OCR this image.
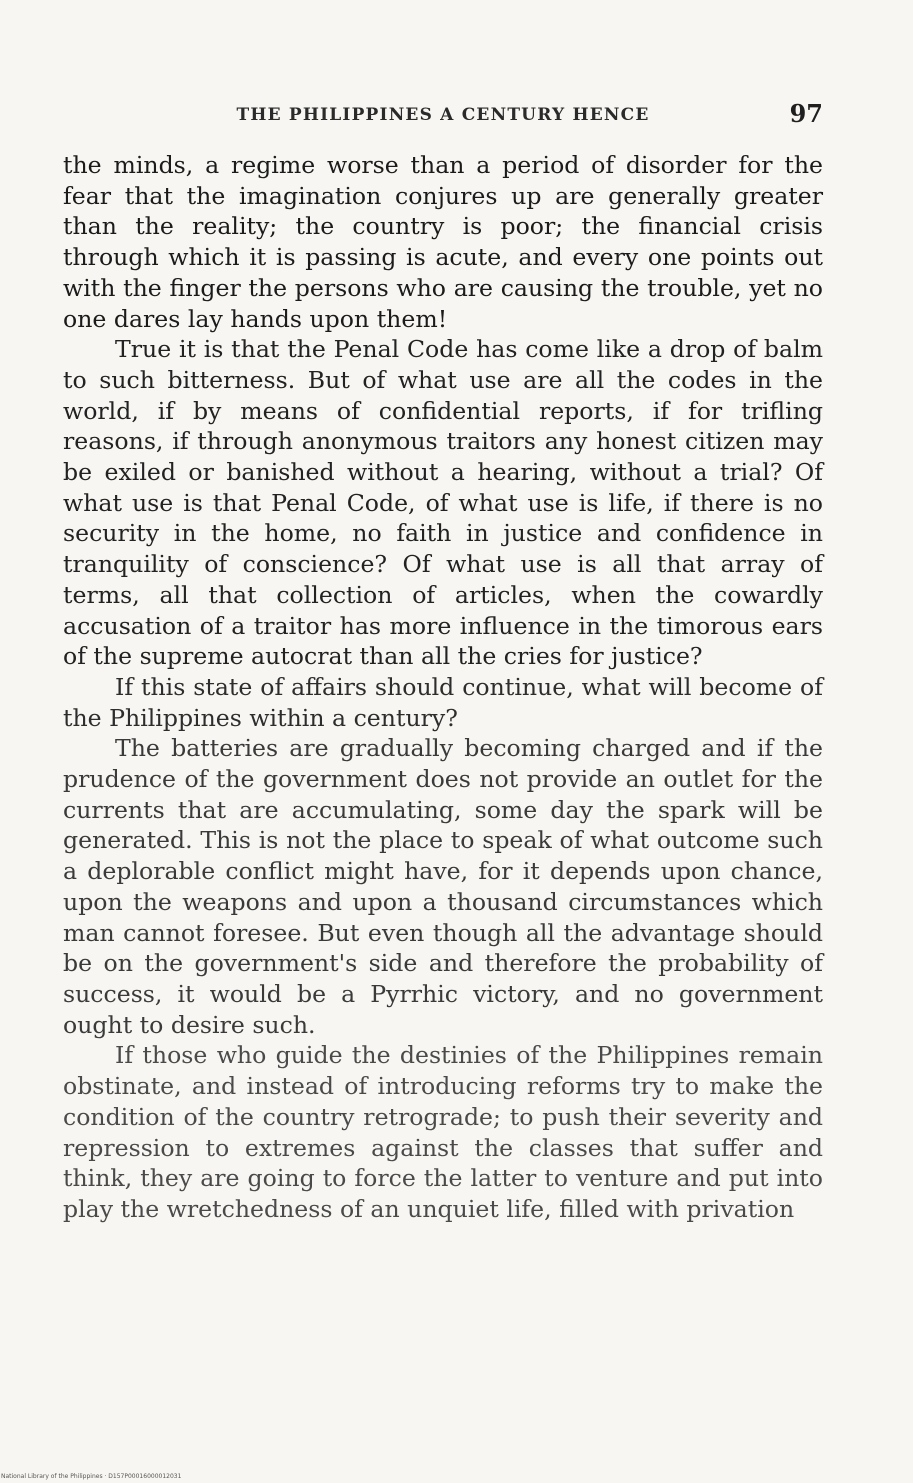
THE PHILIPPINES A CENTURY HENCE	97

the minds, a regime worse than a period of disorder for the fear that the imagination conjures up are generally greater than the reality; the country is poor; the financial crisis through which it is passing is acute, and every one points out with the finger the persons who are causing the trouble, yet no one dares lay hands upon them!

True it is that the Penal Code has come like a drop of balm to such bitterness. But of what use are all the codes in the world, if by means of confidential reports, if for trifling reasons, if through anonymous traitors any honest citizen may be exiled or banished without a hearing, without a trial? Of what use is that Penal Code, of what use is life, if there is no security in the home, no faith in justice and confidence in tranquility of conscience? Of what use is all that array of terms, all that collection of articles, when the cowardly accusation of a traitor has more influence in the timorous ears of the supreme autocrat than all the cries for justice?

If this state of affairs should continue, what will become of the Philippines within a century?

The batteries are gradually becoming charged and if the prudence of the government does not provide an outlet for the currents that are accumulating, some day the spark will be generated. This is not the place to speak of what outcome such a deplorable conflict might have, for it depends upon chance, upon the weapons and upon a thousand circumstances which man cannot foresee. But even though all the advantage should be on the government's side and therefore the probability of success, it would be a Pyrrhic victory, and no government ought to desire such.

If those who guide the destinies of the Philippines remain obstinate, and instead of introducing reforms try to make the condition of the country retrograde; to push their severity and repression to extremes against the classes that suffer and think, they are going to force the latter to venture and put into play the wretchedness of an unquiet life, filled with privation

National Library of the Philippines · D157P00016000012031
